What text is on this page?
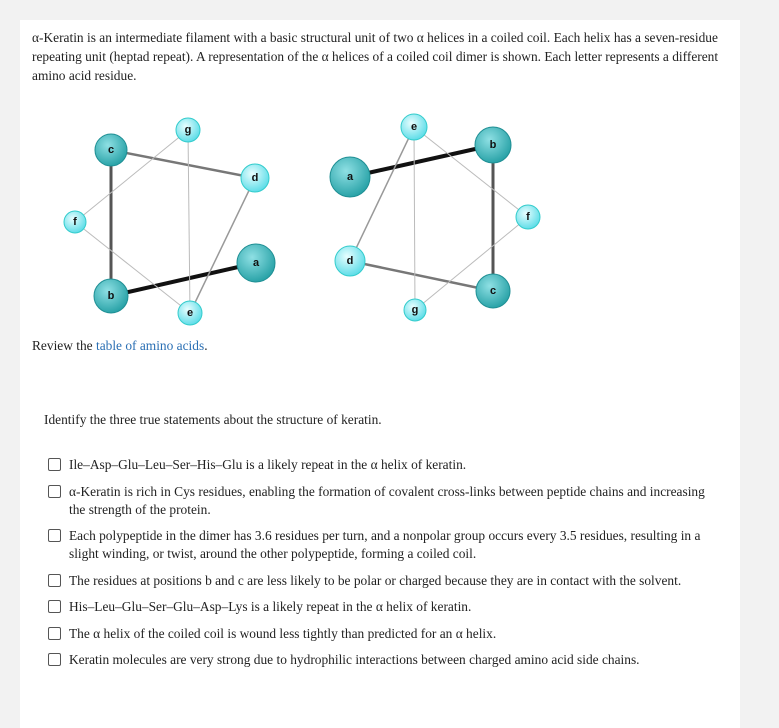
α-Keratin is an intermediate filament with a basic structural unit of two α helices in a coiled coil. Each helix has a seven-residue repeating unit (heptad repeat). A representation of the α helices of a coiled coil dimer is shown. Each letter represents a different amino acid residue.
c
g
d
f
a
b
e
e
b
a
f
d
c
g
Review the table of amino acids.
Identify the three true statements about the structure of keratin.
Ile–Asp–Glu–Leu–Ser–His–Glu is a likely repeat in the α helix of keratin.
α-Keratin is rich in Cys residues, enabling the formation of covalent cross-links between peptide chains and increasing the strength of the protein.
Each polypeptide in the dimer has 3.6 residues per turn, and a nonpolar group occurs every 3.5 residues, resulting in a slight winding, or twist, around the other polypeptide, forming a coiled coil.
The residues at positions b and c are less likely to be polar or charged because they are in contact with the solvent.
His–Leu–Glu–Ser–Glu–Asp–Lys is a likely repeat in the α helix of keratin.
The α helix of the coiled coil is wound less tightly than predicted for an α helix.
Keratin molecules are very strong due to hydrophilic interactions between charged amino acid side chains.
